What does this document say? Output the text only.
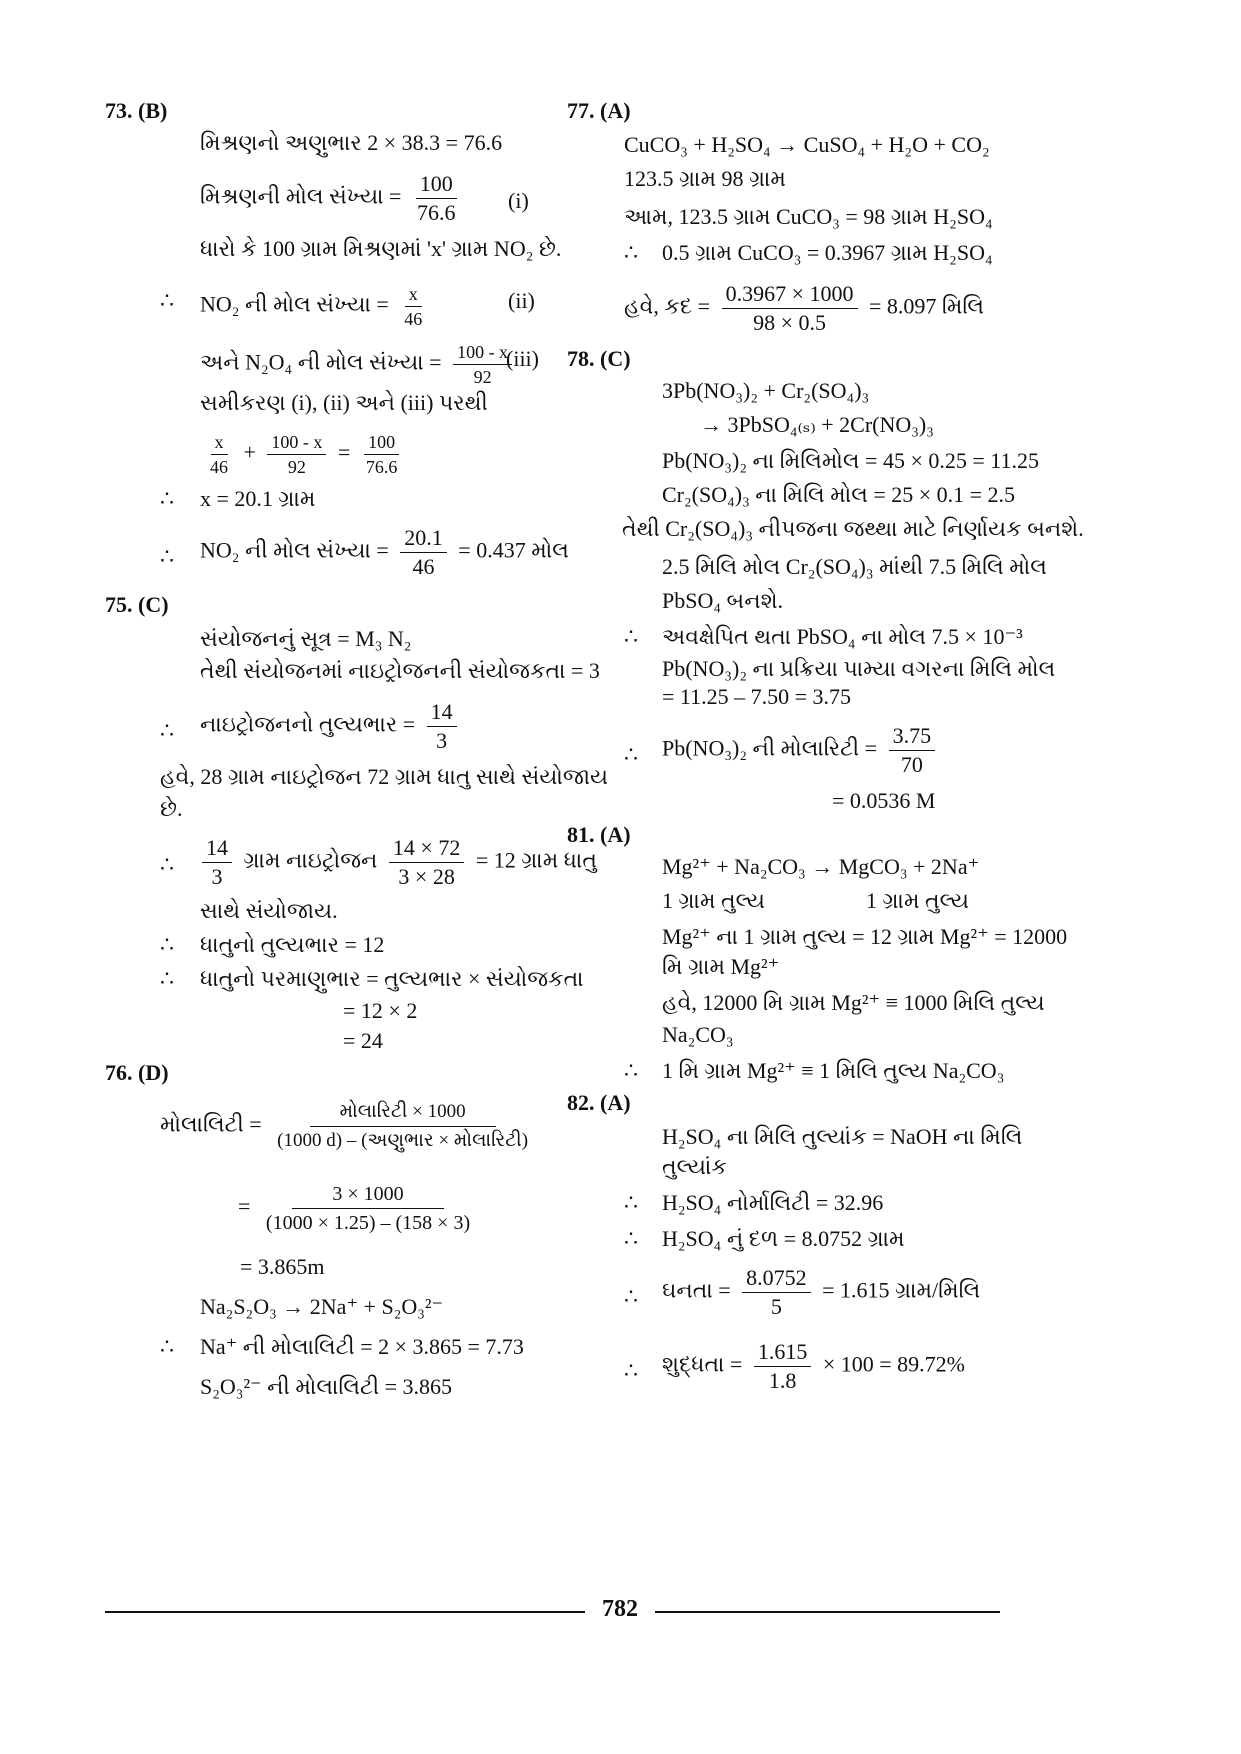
73. (B)
મિશ્રણનો અણુભાર 2 × 38.3 = 76.6
મિશ્રણની મોલ સંખ્યા = $\frac{100}{76.6} (i)$
ધારો કે 100 ગ્રામ મિશ્રણમાં 'x' ગ્રામ NO₂ છે.
∴ NO₂ ની મોલ સંખ્યા = $\frac{x}{46}$	(ii)
અને N₂O₄ ની મોલ સંખ્યા = $\frac{100 - x}{92}$
(iii)
સમીકરણ (i), (ii) અને (iii) પરથી
$\frac{x}{46} + \frac{100 - x}{92} = \frac{100}{76.6}$
∴ x = 20.1 ગ્રામ
∴ NO₂ ની મોલ સંખ્યા = $\frac{20.1}{46} = 0.437$ મોલ
75. (C)
સંયોજનનું સૂત્ર = M₃ N₂
તેથી સંયોજનમાં નાઇટ્રોજનની સંયોજકતા = 3
∴ નાઇટ્રોજનનો તુલ્યભાર = $\frac{14}{3}$
હવે, 28 ગ્રામ નાઇટ્રોજન 72 ગ્રામ ધાતુ સાથે સંયોજાય
છે.
∴ $\frac{14}{3}$ ગ્રામ નાઇટ્રોજન $\frac{14 \times 72}{3 \times 28} = 12$ ગ્રામ ધાતુ
સાથે સંયોજાય.
∴ ધાતુનો તુલ્યભાર = 12
∴ ધાતુનો પરમાણુભાર = તુલ્યભાર × સંયોજકતા
= 12 × 2
= 24
76. (D)
મોલાલિટી = $\frac{\text{મોલારિટી × 1000}}{\text{(1000 d) – (અણુભાર × મોલારિટી)}}$
= $\frac{3 \times 1000}{(1000 \times 1.25) - (158 \times 3)}$
= 3.865m
Na₂S₂O₃ → 2Na⁺ + S₂O₃²⁻
∴ Na⁺ ની મોલાલિટી = 2 × 3.865 = 7.73
S₂O₃²⁻ ની મોલાલિટી = 3.865
77. (A)
CuCO₃ + H₂SO₄ → CuSO₄ + H₂O + CO₂
123.5 ગ્રામ 98 ગ્રામ
આમ, 123.5 ગ્રામ CuCO₃ = 98 ગ્રામ H₂SO₄
∴ 0.5 ગ્રામ CuCO₃ = 0.3967 ગ્રામ H₂SO₄
હવે, કદ = $\frac{0.3967 \times 1000}{98 \times 0.5} = 8.097$ મિલિ
78. (C)
3Pb(NO₃)₂ + Cr₂(SO₄)₃
→ 3PbSO₄₍ₛ₎ + 2Cr(NO₃)₃
Pb(NO₃)₂ ના મિલિમોલ = 45 × 0.25 = 11.25
Cr₂(SO₄)₃ ના મિલિ મોલ = 25 × 0.1 = 2.5
તેથી Cr₂(SO₄)₃ નીપજના જથ્થા માટે નિર્ણાયક બનશે.
2.5 મિલિ મોલ Cr₂(SO₄)₃ માંથી 7.5 મિલિ મોલ
PbSO₄ બનશે.
∴ અવક્ષેપિત થતા PbSO₄ ના મોલ 7.5 × 10⁻³
Pb(NO₃)₂ ના પ્રક્રિયા પામ્યા વગરના મિલિ મોલ
= 11.25 – 7.50 = 3.75
∴ Pb(NO₃)₂ ની મોલારિટી = $\frac{3.75}{70}$
= 0.0536 M
81. (A)
Mg²⁺ + Na₂CO₃ → MgCO₃ + 2Na⁺
1 ગ્રામ તુલ્ય	1 ગ્રામ તુલ્ય
Mg²⁺ ના 1 ગ્રામ તુલ્ય = 12 ગ્રામ Mg²⁺ = 12000
મિ ગ્રામ Mg²⁺
હવે, 12000 મિ ગ્રામ Mg²⁺ ≡ 1000 મિલિ તુલ્ય
Na₂CO₃
∴ 1 મિ ગ્રામ Mg²⁺ ≡ 1 મિલિ તુલ્ય Na₂CO₃
82. (A)
H₂SO₄ ના મિલિ તુલ્યાંક = NaOH ના મિલિ
તુલ્યાંક
∴ H₂SO₄ નોર્માલિટી = 32.96
∴ H₂SO₄ નું દળ = 8.0752 ગ્રામ
∴ ઘનતા = $\frac{8.0752}{5} = 1.615$ ગ્રામ/મિલિ
∴ શુદ્ધતા = $\frac{1.615}{1.8} \times 100 = 89.72\%$
782
